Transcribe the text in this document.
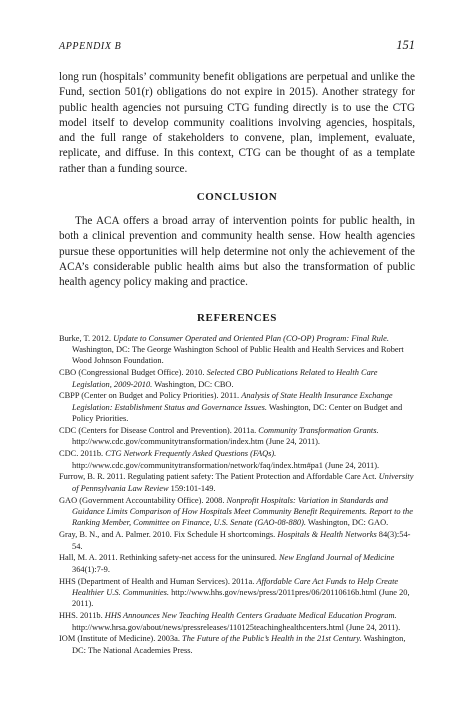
APPENDIX B	151

long run (hospitals’ community benefit obligations are perpetual and unlike the Fund, section 501(r) obligations do not expire in 2015). Another strategy for public health agencies not pursuing CTG funding directly is to use the CTG model itself to develop community coalitions involving agencies, hospitals, and the full range of stakeholders to convene, plan, implement, evaluate, replicate, and diffuse. In this context, CTG can be thought of as a template rather than a funding source.

CONCLUSION

The ACA offers a broad array of intervention points for public health, in both a clinical prevention and community health sense. How health agencies pursue these opportunities will help determine not only the achievement of the ACA’s considerable public health aims but also the transformation of public health agency policy making and practice.

REFERENCES
Burke, T. 2012. Update to Consumer Operated and Oriented Plan (CO-OP) Program: Final Rule. Washington, DC: The George Washington School of Public Health and Health Services and Robert Wood Johnson Foundation.
CBO (Congressional Budget Office). 2010. Selected CBO Publications Related to Health Care Legislation, 2009-2010. Washington, DC: CBO.
CBPP (Center on Budget and Policy Priorities). 2011. Analysis of State Health Insurance Exchange Legislation: Establishment Status and Governance Issues. Washington, DC: Center on Budget and Policy Priorities.
CDC (Centers for Disease Control and Prevention). 2011a. Community Transformation Grants. http://www.cdc.gov/communitytransformation/index.htm (June 24, 2011).
CDC. 2011b. CTG Network Frequently Asked Questions (FAQs). http://www.cdc.gov/communitytransformation/network/faq/index.htm#pa1 (June 24, 2011).
Furrow, B. R. 2011. Regulating patient safety: The Patient Protection and Affordable Care Act. University of Pennsylvania Law Review 159:101-149.
GAO (Government Accountability Office). 2008. Nonprofit Hospitals: Variation in Standards and Guidance Limits Comparison of How Hospitals Meet Community Benefit Requirements. Report to the Ranking Member, Committee on Finance, U.S. Senate (GAO-08-880). Washington, DC: GAO.
Gray, B. N., and A. Palmer. 2010. Fix Schedule H shortcomings. Hospitals & Health Networks 84(3):54-54.
Hall, M. A. 2011. Rethinking safety-net access for the uninsured. New England Journal of Medicine 364(1):7-9.
HHS (Department of Health and Human Services). 2011a. Affordable Care Act Funds to Help Create Healthier U.S. Communities. http://www.hhs.gov/news/press/2011pres/06/20110616b.html (June 20, 2011).
HHS. 2011b. HHS Announces New Teaching Health Centers Graduate Medical Education Program. http://www.hrsa.gov/about/news/pressreleases/110125teachinghealthcenters.html (June 24, 2011).
IOM (Institute of Medicine). 2003a. The Future of the Public’s Health in the 21st Century. Washington, DC: The National Academies Press.
